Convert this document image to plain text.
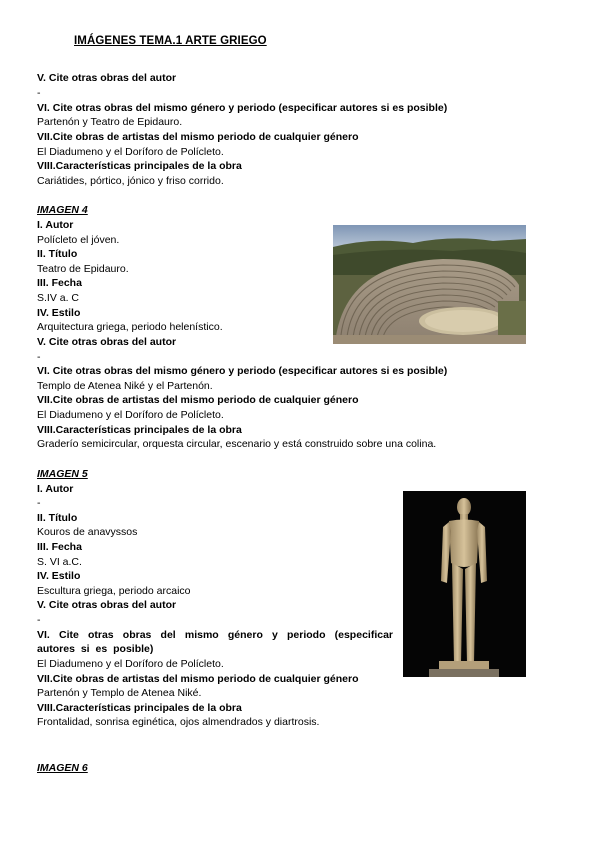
IMÁGENES TEMA.1 ARTE GRIEGO
V. Cite otras obras del autor
-
VI. Cite otras obras del mismo género y periodo (especificar autores si es posible)
Partenón y Teatro de Epidauro.
VII.Cite obras de artistas del mismo periodo de cualquier género
El Diadumeno y el Doríforo de Polícleto.
VIII.Características principales de la obra
Cariátides, pórtico, jónico y friso corrido.
IMAGEN 4
I. Autor
Polícleto el jóven.
II. Título
Teatro de Epidauro.
III. Fecha
S.IV a. C
IV. Estilo
Arquitectura griega, periodo helenístico.
V. Cite otras obras del autor
-
VI. Cite otras obras del mismo género y periodo (especificar autores si es posible)
Templo de Atenea Niké y el Partenón.
VII.Cite obras de artistas del mismo periodo de cualquier género
El Diadumeno y el Doríforo de Polícleto.
VIII.Características principales de la obra
Graderío semicircular, orquesta circular, escenario y está construido sobre una colina.
IMAGEN 5
I. Autor
-
II. Título
Kouros de anavyssos
III. Fecha
S. VI a.C.
IV. Estilo
Escultura griega, periodo arcaico
V. Cite otras obras del autor
-
VI. Cite otras obras del mismo género y periodo (especificar autores si es posible)
El Diadumeno y el Doríforo de Polícleto.
VII.Cite obras de artistas del mismo periodo de cualquier género
Partenón y Templo de Atenea Niké.
VIII.Características principales de la obra
Frontalidad, sonrisa eginética, ojos almendrados y diartrosis.
IMAGEN 6
